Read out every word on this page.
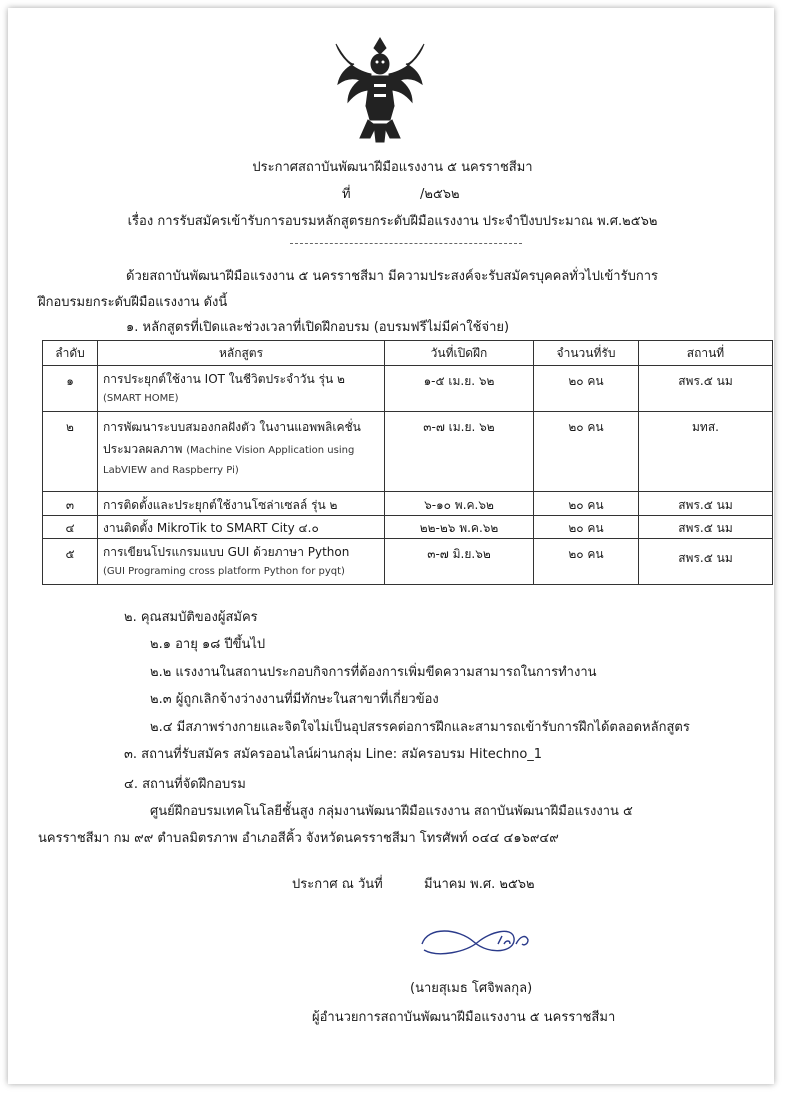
ประกาศสถาบันพัฒนาฝีมือแรงงาน ๕ นครราชสีมา
ที่	/๒๕๖๒
เรื่อง การรับสมัครเข้ารับการอบรมหลักสูตรยกระดับฝีมือแรงงาน ประจำปีงบประมาณ พ.ศ.๒๕๖๒
ด้วยสถาบันพัฒนาฝีมือแรงงาน ๕ นครราชสีมา มีความประสงค์จะรับสมัครบุคคลทั่วไปเข้ารับการ
ฝึกอบรมยกระดับฝีมือแรงงาน ดังนี้
๑. หลักสูตรที่เปิดและช่วงเวลาที่เปิดฝึกอบรม (อบรมฟรีไม่มีค่าใช้จ่าย)
ลำดับ	หลักสูตร	วันที่เปิดฝึก	จำนวนที่รับ	สถานที่
๑	การประยุกต์ใช้งาน IOT ในชีวิตประจำวัน รุ่น ๒
(SMART HOME)	๑-๕ เม.ย. ๖๒	๒๐ คน	สพร.๕ นม
๒	การพัฒนาระบบสมองกลฝังตัว ในงานแอพพลิเคชั่น
ประมวลผลภาพ (Machine Vision Application using
LabVIEW and Raspberry Pi)	๓-๗ เม.ย. ๖๒	๒๐ คน	มทส.
๓	การติดตั้งและประยุกต์ใช้งานโซล่าเซลล์ รุ่น ๒	๖-๑๐ พ.ค.๖๒	๒๐ คน	สพร.๕ นม
๔	งานติดตั้ง MikroTik to SMART City ๔.๐	๒๒-๒๖ พ.ค.๖๒	๒๐ คน	สพร.๕ นม
๕	การเขียนโปรแกรมแบบ GUI ด้วยภาษา Python
(GUI Programing cross platform Python for pyqt)	๓-๗ มิ.ย.๖๒	๒๐ คน	สพร.๕ นม
๒. คุณสมบัติของผู้สมัคร
๒.๑ อายุ ๑๘ ปีขึ้นไป
๒.๒ แรงงานในสถานประกอบกิจการที่ต้องการเพิ่มขีดความสามารถในการทำงาน
๒.๓ ผู้ถูกเลิกจ้างว่างงานที่มีทักษะในสาขาที่เกี่ยวข้อง
๒.๔ มีสภาพร่างกายและจิตใจไม่เป็นอุปสรรคต่อการฝึกและสามารถเข้ารับการฝึกได้ตลอดหลักสูตร
๓. สถานที่รับสมัคร สมัครออนไลน์ผ่านกลุ่ม Line: สมัครอบรม Hitechno_1
๔. สถานที่จัดฝึกอบรม
ศูนย์ฝึกอบรมเทคโนโลยีชั้นสูง กลุ่มงานพัฒนาฝีมือแรงงาน สถาบันพัฒนาฝีมือแรงงาน ๕
นครราชสีมา กม ๙๙ ตำบลมิตรภาพ อำเภอสีคิ้ว จังหวัดนครราชสีมา โทรศัพท์ ๐๔๔ ๔๑๖๙๔๙
ประกาศ ณ วันที่	มีนาคม พ.ศ. ๒๕๖๒
(นายสุเมธ โศจิพลกุล)
ผู้อำนวยการสถาบันพัฒนาฝีมือแรงงาน ๕ นครราชสีมา
